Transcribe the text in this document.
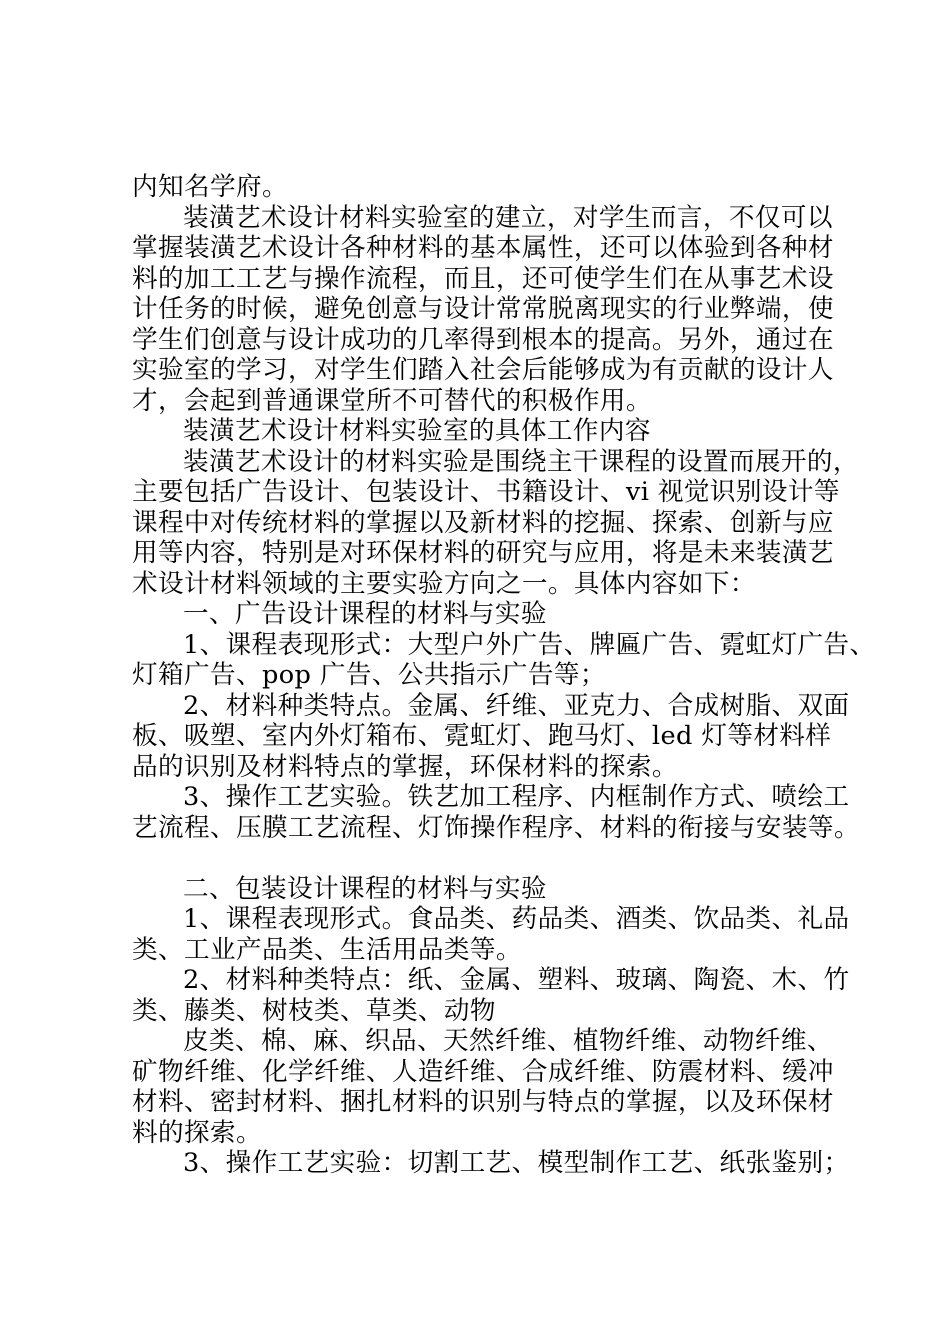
内知名学府。
装潢艺术设计材料实验室的建立，对学生而言，不仅可以
掌握装潢艺术设计各种材料的基本属性，还可以体验到各种材
料的加工工艺与操作流程，而且，还可使学生们在从事艺术设
计任务的时候，避免创意与设计常常脱离现实的行业弊端，使
学生们创意与设计成功的几率得到根本的提高。另外，通过在
实验室的学习，对学生们踏入社会后能够成为有贡献的设计人
才，会起到普通课堂所不可替代的积极作用。
装潢艺术设计材料实验室的具体工作内容
装潢艺术设计的材料实验是围绕主干课程的设置而展开的，
主要包括广告设计、包装设计、书籍设计、vi 视觉识别设计等
课程中对传统材料的掌握以及新材料的挖掘、探索、创新与应
用等内容，特别是对环保材料的研究与应用，将是未来装潢艺
术设计材料领域的主要实验方向之一。具体内容如下：
一、广告设计课程的材料与实验
1、课程表现形式：大型户外广告、牌匾广告、霓虹灯广告、
灯箱广告、pop 广告、公共指示广告等；
2、材料种类特点。金属、纤维、亚克力、合成树脂、双面
板、吸塑、室内外灯箱布、霓虹灯、跑马灯、led 灯等材料样
品的识别及材料特点的掌握，环保材料的探索。
3、操作工艺实验。铁艺加工程序、内框制作方式、喷绘工
艺流程、压膜工艺流程、灯饰操作程序、材料的衔接与安装等。
二、包装设计课程的材料与实验
1、课程表现形式。食品类、药品类、酒类、饮品类、礼品
类、工业产品类、生活用品类等。
2、材料种类特点：纸、金属、塑料、玻璃、陶瓷、木、竹
类、藤类、树枝类、草类、动物
皮类、棉、麻、织品、天然纤维、植物纤维、动物纤维、
矿物纤维、化学纤维、人造纤维、合成纤维、防震材料、缓冲
材料、密封材料、捆扎材料的识别与特点的掌握，以及环保材
料的探索。
3、操作工艺实验：切割工艺、模型制作工艺、纸张鉴别；
